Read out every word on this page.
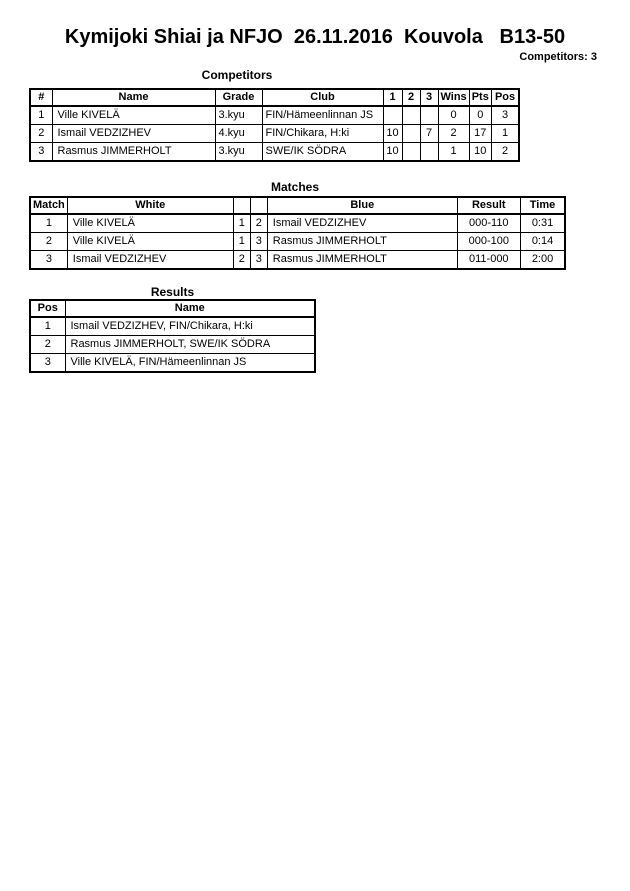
Kymijoki Shiai ja NFJO  26.11.2016  Kouvola   B13-50
Competitors: 3
Competitors
#	Name	Grade	Club	1	2	3	Wins	Pts	Pos
1	Ville KIVELÄ	3.kyu	FIN/Hämeenlinnan JS				0	0	3
2	Ismail VEDZIZHEV	4.kyu	FIN/Chikara, H:ki	10		7	2	17	1
3	Rasmus JIMMERHOLT	3.kyu	SWE/IK SÖDRA	10			1	10	2
Matches
Match	White			Blue	Result	Time
1	Ville KIVELÄ	1	2	Ismail VEDZIZHEV	000-110	0:31
2	Ville KIVELÄ	1	3	Rasmus JIMMERHOLT	000-100	0:14
3	Ismail VEDZIZHEV	2	3	Rasmus JIMMERHOLT	011-000	2:00
Results
Pos	Name
1	Ismail VEDZIZHEV, FIN/Chikara, H:ki
2	Rasmus JIMMERHOLT, SWE/IK SÖDRA
3	Ville KIVELÄ, FIN/Hämeenlinnan JS
